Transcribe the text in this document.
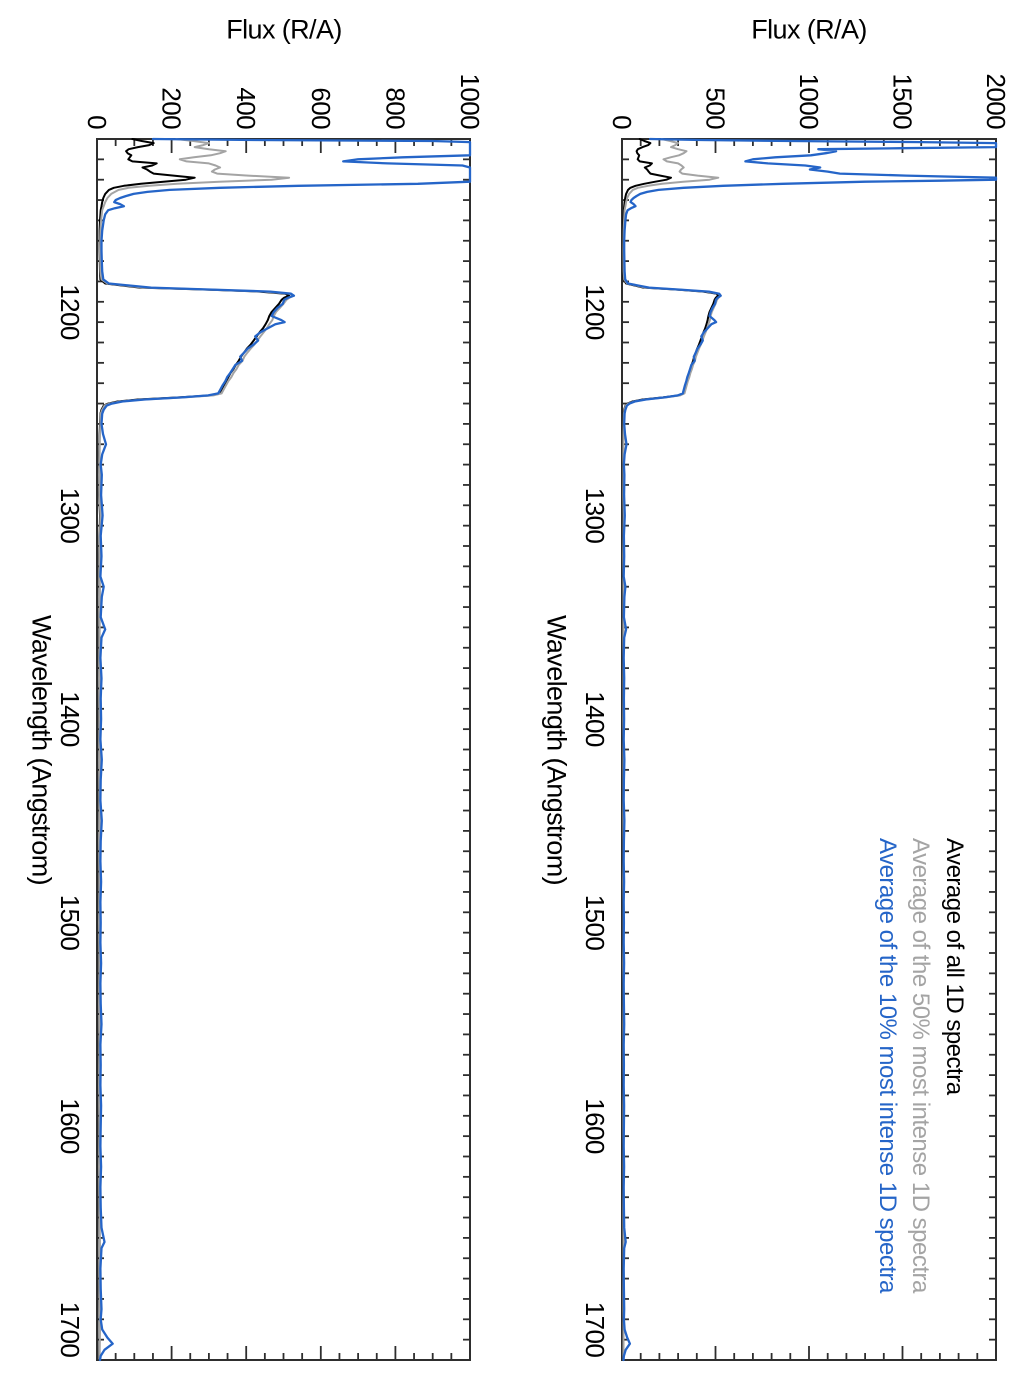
1200
1300
1400
1500
1600
1700
0 500 1000 1500 2000
1200
1300
1400
1500
1600
1700
0 200 400 600 800 1000
Flux (R/A)
Flux (R/A)
Wavelength (Angstrom)
Wavelength (Angstrom)
Average of all 1D spectra
Average of the 50% most intense 1D spectra
Average of the 10% most intense 1D spectra
